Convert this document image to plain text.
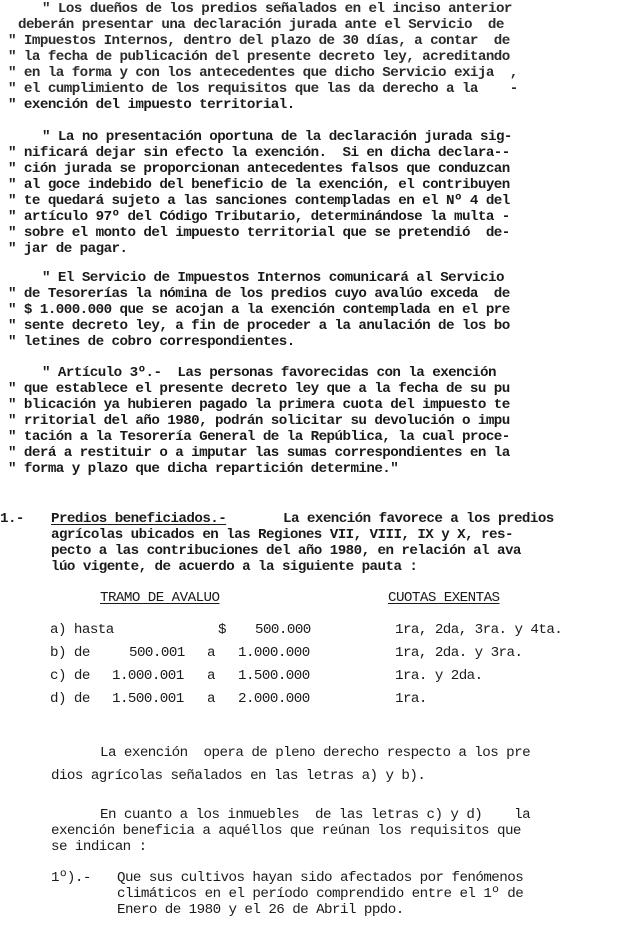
" Los dueños de los predios señalados en el inciso anterior
deberán presentar una declaración jurada ante el Servicio  de
" Impuestos Internos, dentro del plazo de 30 días, a contar  de
" la fecha de publicación del presente decreto ley, acreditando
" en la forma y con los antecedentes que dicho Servicio exija  ,
" el cumplimiento de los requisitos que las da derecho a la    -
" exención del impuesto territorial.
" La no presentación oportuna de la declaración jurada sig-
" nificará dejar sin efecto la exención.  Si en dicha declara--
" ción jurada se proporcionan antecedentes falsos que conduzcan
" al goce indebido del beneficio de la exención, el contribuyen
" te quedará sujeto a las sanciones contempladas en el Nº 4 del
" artículo 97º del Código Tributario, determinándose la multa -
" sobre el monto del impuesto territorial que se pretendió  de-
" jar de pagar.
" El Servicio de Impuestos Internos comunicará al Servicio
" de Tesorerías la nómina de los predios cuyo avalúo exceda  de
" $ 1.000.000 que se acojan a la exención contemplada en el pre
" sente decreto ley, a fin de proceder a la anulación de los bo
" letines de cobro correspondientes.
" Artículo 3º.-  Las personas favorecidas con la exención
" que establece el presente decreto ley que a la fecha de su pu
" blicación ya hubieren pagado la primera cuota del impuesto te
" rritorial del año 1980, podrán solicitar su devolución o impu
" tación a la Tesorería General de la República, la cual proce-
" derá a restituir o a imputar las sumas correspondientes en la
" forma y plazo que dicha repartición determine."
1.- Predios beneficiados.-	La exención favorece a los predios
agrícolas ubicados en las Regiones VII, VIII, IX y X, res-
pecto a las contribuciones del año 1980, en relación al ava
lúo vigente, de acuerdo a la siguiente pauta :
TRAMO DE AVALUO	CUOTAS EXENTAS
a) hasta	$ 500.000	1ra, 2da, 3ra. y 4ta.
b) de	500.001 a 1.000.000	1ra, 2da. y 3ra.
c) de 1.000.001 a 1.500.000	1ra. y 2da.
d) de 1.500.001 a 2.000.000	1ra.
La exención  opera de pleno derecho respecto a los pre
dios agrícolas señalados en las letras a) y b).
En cuanto a los inmuebles  de las letras c) y d)    la
exención beneficia a aquéllos que reúnan los requisitos que
se indican :
1º).- Que sus cultivos hayan sido afectados por fenómenos
climáticos en el período comprendido entre el 1º de
Enero de 1980 y el 26 de Abril ppdo.
